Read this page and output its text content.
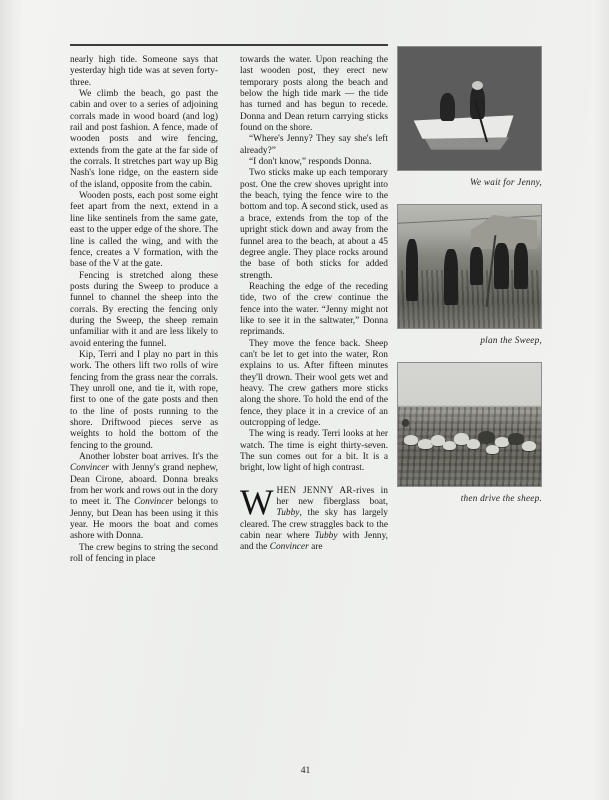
nearly high tide. Someone says that yesterday high tide was at seven forty-three.

We climb the beach, go past the cabin and over to a series of adjoining corrals made in wood board (and log) rail and post fashion. A fence, made of wooden posts and wire fencing, extends from the gate at the far side of the corrals. It stretches part way up Big Nash's lone ridge, on the eastern side of the island, opposite from the cabin.

Wooden posts, each post some eight feet apart from the next, extend in a line like sentinels from the same gate, east to the upper edge of the shore. The line is called the wing, and with the fence, creates a V formation, with the base of the V at the gate.

Fencing is stretched along these posts during the Sweep to produce a funnel to channel the sheep into the corrals. By erecting the fencing only during the Sweep, the sheep remain unfamiliar with it and are less likely to avoid entering the funnel.

Kip, Terri and I play no part in this work. The others lift two rolls of wire fencing from the grass near the corrals. They unroll one, and tie it, with rope, first to one of the gate posts and then to the line of posts running to the shore. Driftwood pieces serve as weights to hold the bottom of the fencing to the ground.

Another lobster boat arrives. It's the Convincer with Jenny's grand nephew, Dean Cirone, aboard. Donna breaks from her work and rows out in the dory to meet it. The Convincer belongs to Jenny, but Dean has been using it this year. He moors the boat and comes ashore with Donna.

The crew begins to string the second roll of fencing in place

towards the water. Upon reaching the last wooden post, they erect new temporary posts along the beach and below the high tide mark — the tide has turned and has begun to recede. Donna and Dean return carrying sticks found on the shore.

“Where's Jenny? They say she's left already?”

“I don't know,” responds Donna.

Two sticks make up each temporary post. One the crew shoves upright into the beach, tying the fence wire to the bottom and top. A second stick, used as a brace, extends from the top of the upright stick down and away from the funnel area to the beach, at about a 45 degree angle. They place rocks around the base of both sticks for added strength.

Reaching the edge of the receding tide, two of the crew continue the fence into the water. “Jenny might not like to see it in the saltwater,” Donna reprimands.

They move the fence back. Sheep can't be let to get into the water, Ron explains to us. After fifteen minutes they'll drown. Their wool gets wet and heavy. The crew gathers more sticks along the shore. To hold the end of the fence, they place it in a crevice of an outcropping of ledge.

The wing is ready. Terri looks at her watch. The time is eight thirty-seven. The sun comes out for a bit. It is a bright, low light of high contrast.

WHEN JENNY AR-rives in her new fiberglass boat, Tubby, the sky has largely cleared. The crew straggles back to the cabin near where Tubby with Jenny, and the Convincer are

We wait for Jenny,
plan the Sweep,
then drive the sheep.
41
